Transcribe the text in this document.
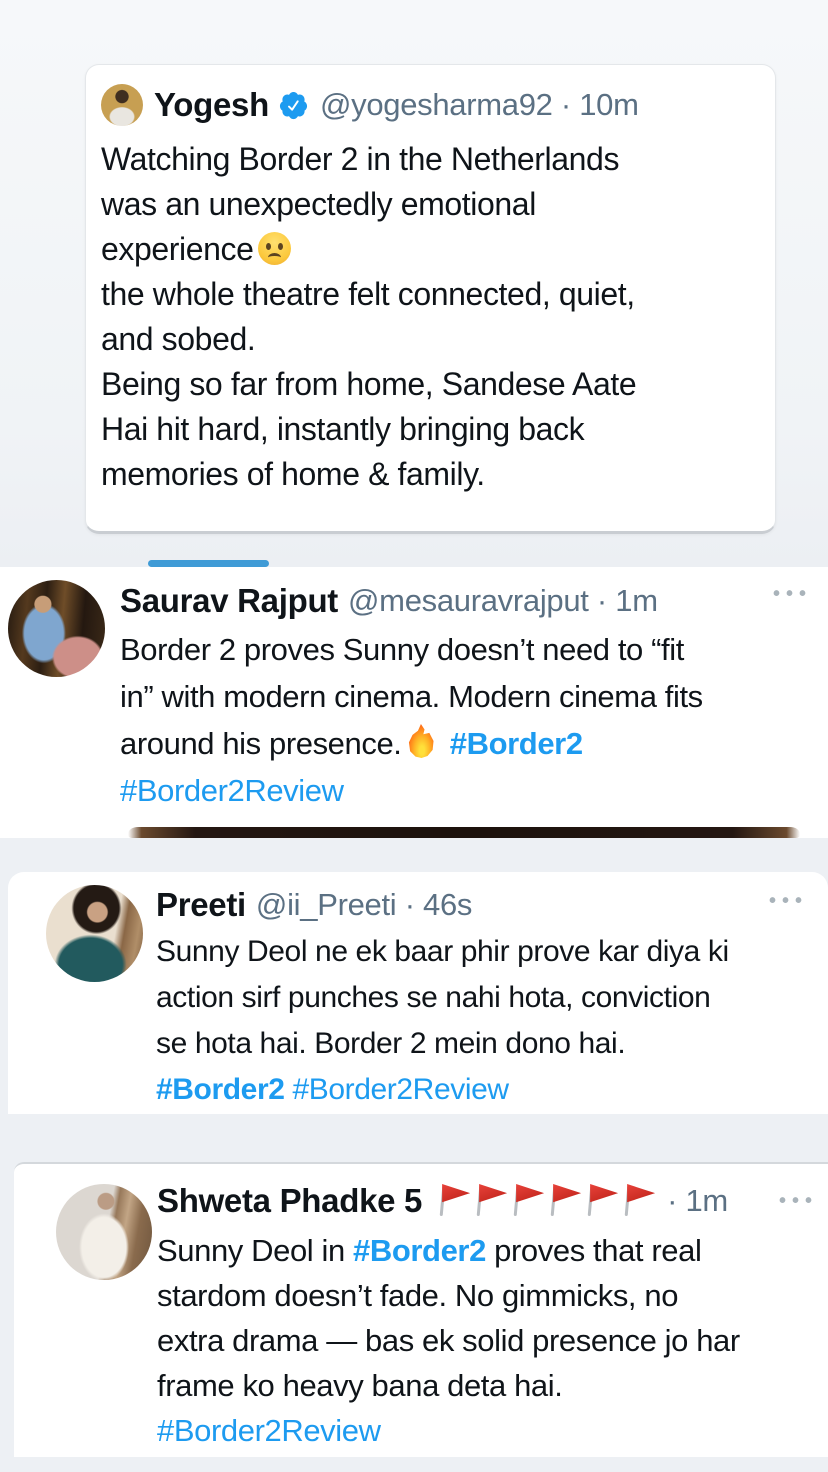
Yogesh @yogesharma92 · 10m
Watching Border 2 in the Netherlands
was an unexpectedly emotional
experience
the whole theatre felt connected, quiet,
and sobed.
Being so far from home, Sandese Aate
Hai hit hard, instantly bringing back
memories of home & family.
•••
Saurav Rajput @mesauravrajput · 1m
Border 2 proves Sunny doesn’t need to “fit
in” with modern cinema. Modern cinema fits
around his presence. #Border2
#Border2Review
•••
Preeti @ii_Preeti · 46s
Sunny Deol ne ek baar phir prove kar diya ki
action sirf punches se nahi hota, conviction
se hota hai. Border 2 mein dono hai.
#Border2 #Border2Review
•••
Shweta Phadke 5	· 1m
Sunny Deol in #Border2 proves that real
stardom doesn’t fade. No gimmicks, no
extra drama — bas ek solid presence jo har
frame ko heavy bana deta hai.
#Border2Review
